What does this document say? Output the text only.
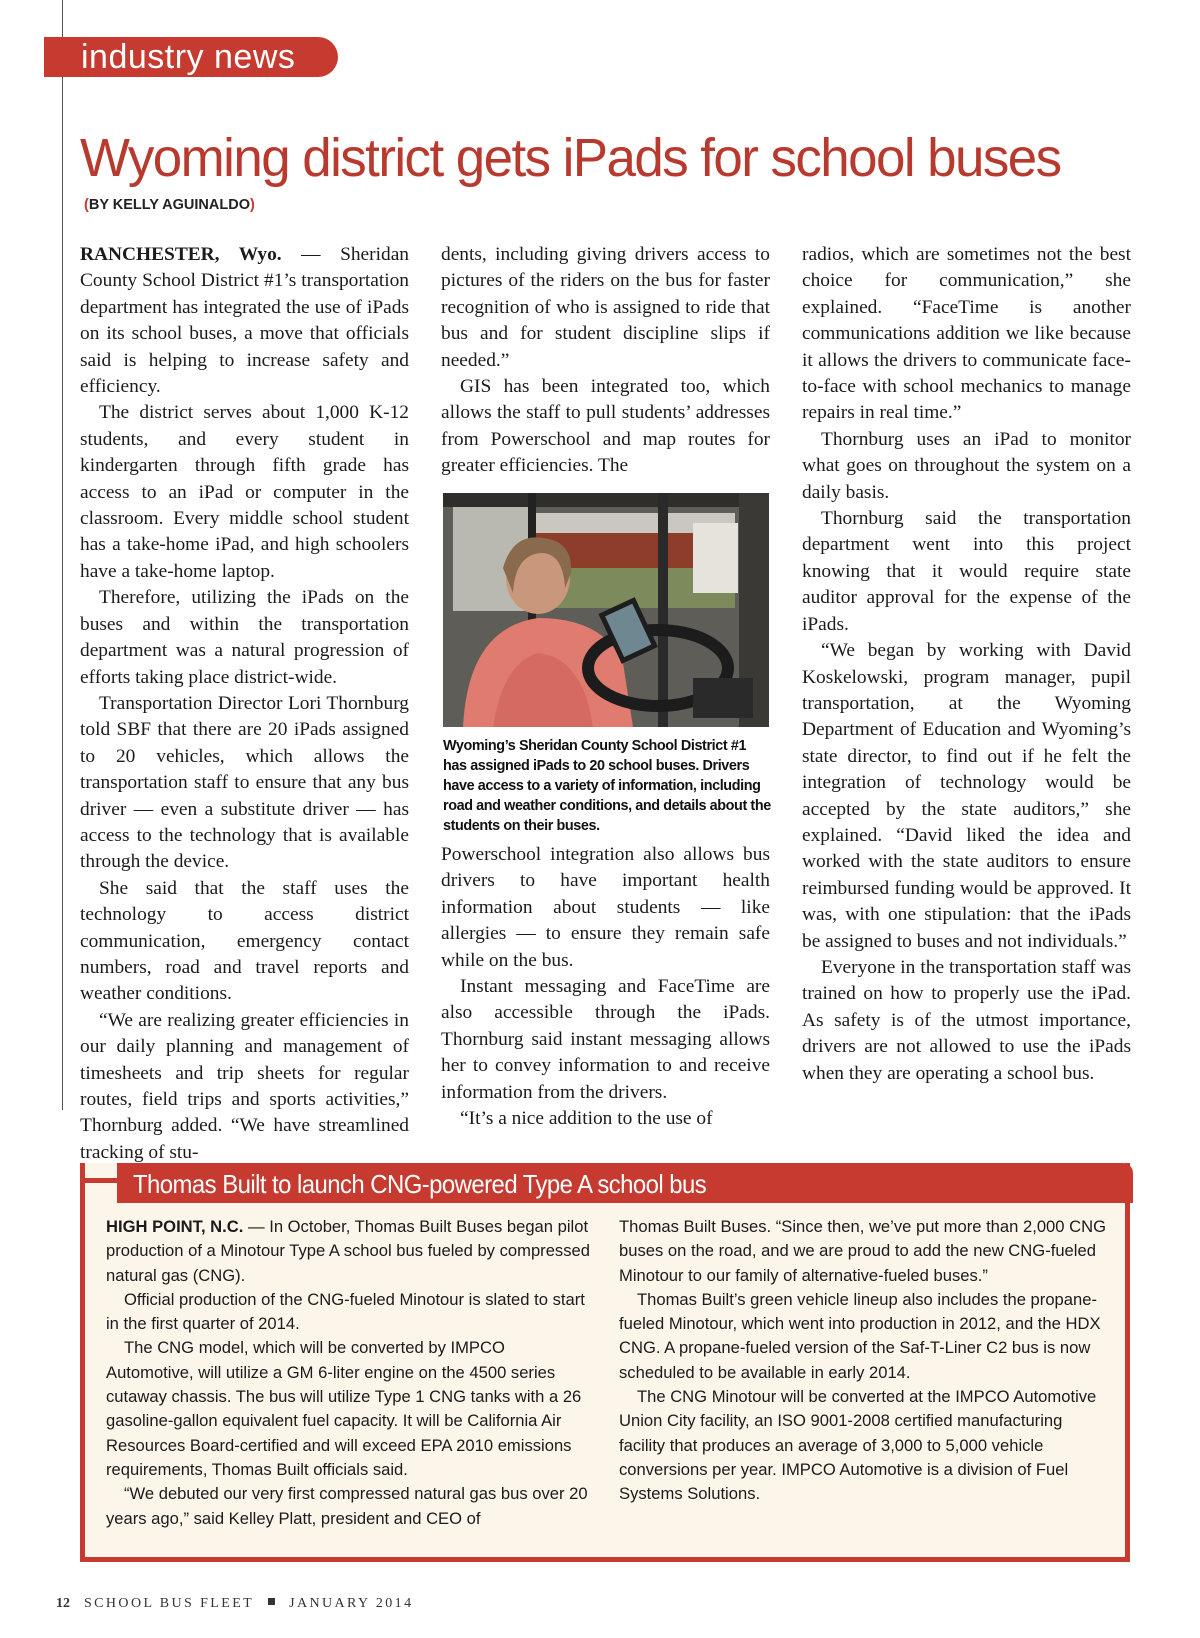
industry news
Wyoming district gets iPads for school buses
(BY KELLY AGUINALDO)

RANCHESTER, Wyo. — Sheridan County School District #1’s transportation department has integrated the use of iPads on its school buses, a move that officials said is helping to increase safety and efficiency.

The district serves about 1,000 K-12 students, and every student in kindergarten through fifth grade has access to an iPad or computer in the classroom. Every middle school student has a take-home iPad, and high schoolers have a take-home laptop.

Therefore, utilizing the iPads on the buses and within the transportation department was a natural progression of efforts taking place district-wide.

Transportation Director Lori Thornburg told SBF that there are 20 iPads assigned to 20 vehicles, which allows the transportation staff to ensure that any bus driver — even a substitute driver — has access to the technology that is available through the device.

She said that the staff uses the technology to access district communication, emergency contact numbers, road and travel reports and weather conditions.

“We are realizing greater efficiencies in our daily planning and management of timesheets and trip sheets for regular routes, field trips and sports activities,” Thornburg added. “We have streamlined tracking of stu-

dents, including giving drivers access to pictures of the riders on the bus for faster recognition of who is assigned to ride that bus and for student discipline slips if needed.”

GIS has been integrated too, which allows the staff to pull students’ addresses from Powerschool and map routes for greater efficiencies. The

Wyoming’s Sheridan County School District #1 has assigned iPads to 20 school buses. Drivers have access to a variety of information, including road and weather conditions, and details about the students on their buses.

Powerschool integration also allows bus drivers to have important health information about students — like allergies — to ensure they remain safe while on the bus.

Instant messaging and FaceTime are also accessible through the iPads. Thornburg said instant messaging allows her to convey information to and receive information from the drivers.

“It’s a nice addition to the use of

radios, which are sometimes not the best choice for communication,” she explained. “FaceTime is another communications addition we like because it allows the drivers to communicate face-to-face with school mechanics to manage repairs in real time.”

Thornburg uses an iPad to monitor what goes on throughout the system on a daily basis.

Thornburg said the transportation department went into this project knowing that it would require state auditor approval for the expense of the iPads.

“We began by working with David Koskelowski, program manager, pupil transportation, at the Wyoming Department of Education and Wyoming’s state director, to find out if he felt the integration of technology would be accepted by the state auditors,” she explained. “David liked the idea and worked with the state auditors to ensure reimbursed funding would be approved. It was, with one stipulation: that the iPads be assigned to buses and not individuals.”

Everyone in the transportation staff was trained on how to properly use the iPad. As safety is of the utmost importance, drivers are not allowed to use the iPads when they are operating a school bus.

Thomas Built to launch CNG-powered Type A school bus

HIGH POINT, N.C. — In October, Thomas Built Buses began pilot production of a Minotour Type A school bus fueled by compressed natural gas (CNG).

Official production of the CNG-fueled Minotour is slated to start in the first quarter of 2014.

The CNG model, which will be converted by IMPCO Automotive, will utilize a GM 6-liter engine on the 4500 series cutaway chassis. The bus will utilize Type 1 CNG tanks with a 26 gasoline-gallon equivalent fuel capacity. It will be California Air Resources Board-certified and will exceed EPA 2010 emissions requirements, Thomas Built officials said.

“We debuted our very first compressed natural gas bus over 20 years ago,” said Kelley Platt, president and CEO of

Thomas Built Buses. “Since then, we’ve put more than 2,000 CNG buses on the road, and we are proud to add the new CNG-fueled Minotour to our family of alternative-fueled buses.”

Thomas Built’s green vehicle lineup also includes the propane-fueled Minotour, which went into production in 2012, and the HDX CNG. A propane-fueled version of the Saf-T-Liner C2 bus is now scheduled to be available in early 2014.

The CNG Minotour will be converted at the IMPCO Automotive Union City facility, an ISO 9001-2008 certified manufacturing facility that produces an average of 3,000 to 5,000 vehicle conversions per year. IMPCO Automotive is a division of Fuel Systems Solutions.

12 SCHOOL BUS FLEET	JANUARY 2014
